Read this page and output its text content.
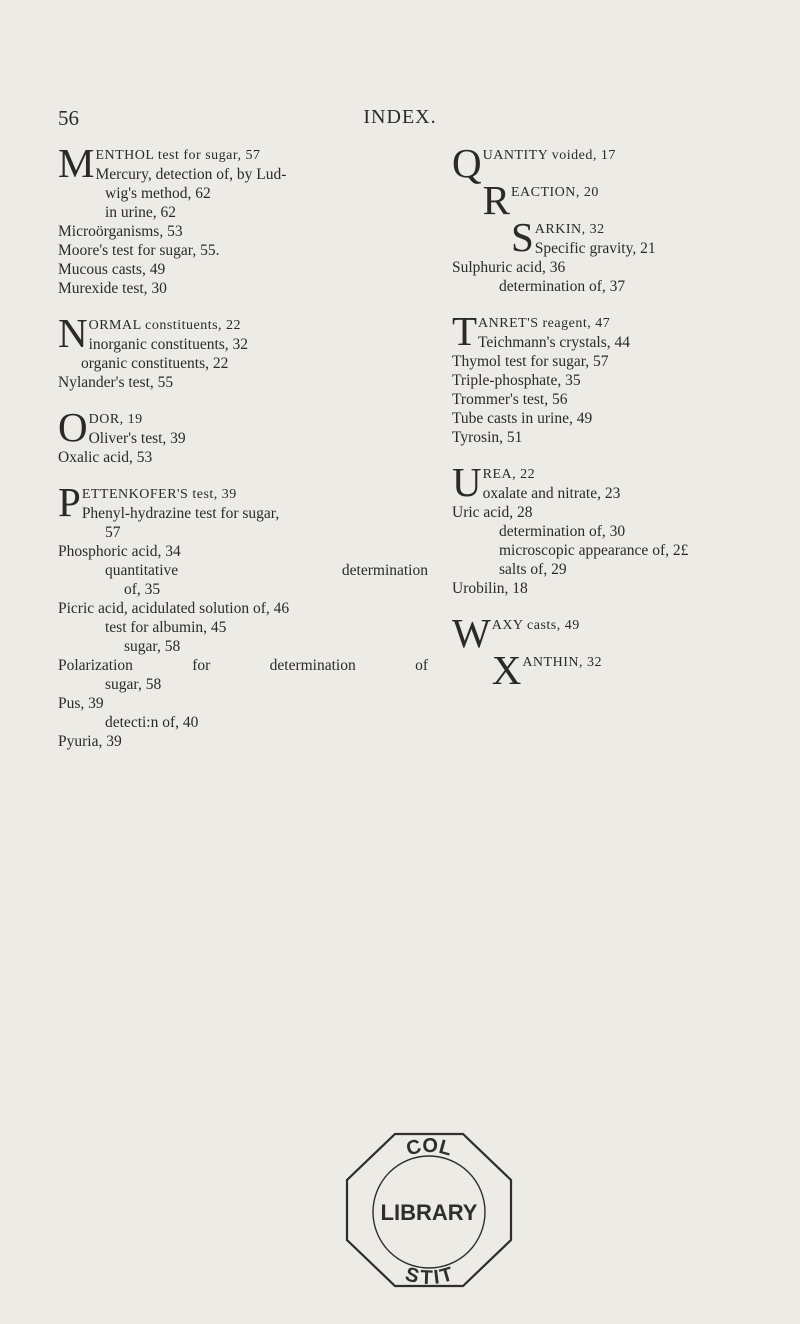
56	INDEX.
MENTHOL test for sugar, 57
Mercury, detection of, by Lud-
wig's method, 62
in urine, 62
Microörganisms, 53
Moore's test for sugar, 55.
Mucous casts, 49
Murexide test, 30
NORMAL constituents, 22
inorganic constituents, 32
organic constituents, 22
Nylander's test, 55
ODOR, 19
Oliver's test, 39
Oxalic acid, 53
PETTENKOFER'S test, 39
Phenyl-hydrazine test for sugar,
57
Phosphoric acid, 34
quantitative	determination
of, 35
Picric acid, acidulated solution of, 46
test for albumin, 45
sugar, 58
Polarization	for	determination	of
sugar, 58
Pus, 39
detecti:n of, 40
Pyuria, 39
QUANTITY voided, 17
REACTION, 20
SARKIN, 32
Specific gravity, 21
Sulphuric acid, 36
determination of, 37
TANRET'S reagent, 47
Teichmann's crystals, 44
Thymol test for sugar, 57
Triple-phosphate, 35
Trommer's test, 56
Tube casts in urine, 49
Tyrosin, 51
UREA, 22
oxalate and nitrate, 23
Uric acid, 28
determination of, 30
microscopic appearance of, 2£
salts of, 29
Urobilin, 18
WAXY casts, 49
XANTHIN, 32
COL
STIT
LIBRARY
